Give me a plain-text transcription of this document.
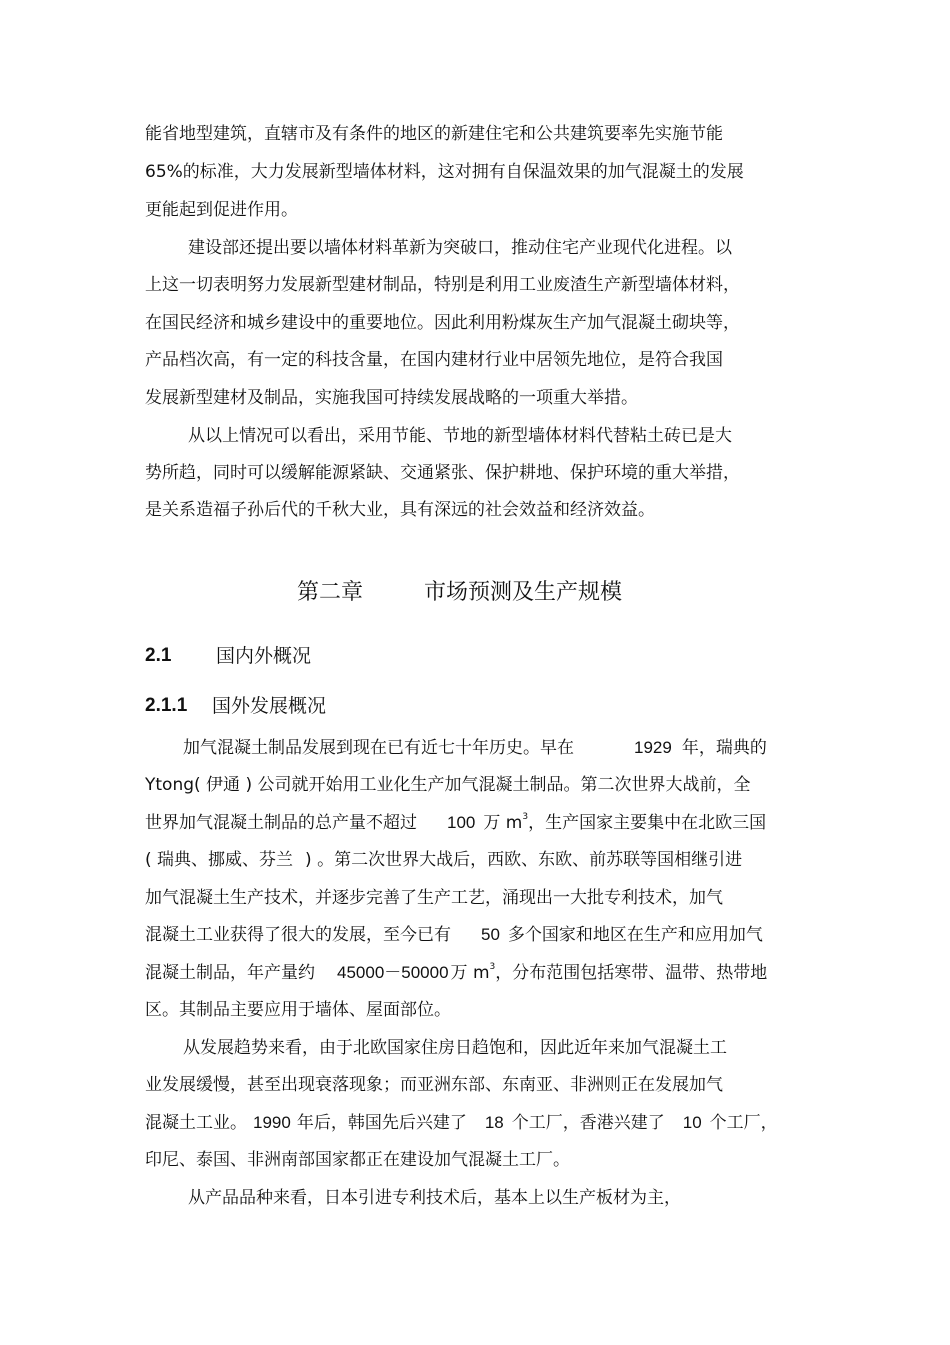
能省地型建筑，直辖市及有条件的地区的新建住宅和公共建筑要率先实施节能
65%的标准，大力发展新型墙体材料，这对拥有自保温效果的加气混凝土的发展
更能起到促进作用。
建设部还提出要以墙体材料革新为突破口，推动住宅产业现代化进程。以
上这一切表明努力发展新型建材制品，特别是利用工业废渣生产新型墙体材料，
在国民经济和城乡建设中的重要地位。因此利用粉煤灰生产加气混凝土砌块等，
产品档次高，有一定的科技含量，在国内建材行业中居领先地位，是符合我国
发展新型建材及制品，实施我国可持续发展战略的一项重大举措。
从以上情况可以看出，采用节能、节地的新型墙体材料代替粘土砖已是大
势所趋，同时可以缓解能源紧缺、交通紧张、保护耕地、保护环境的重大举措，
是关系造福子孙后代的千秋大业，具有深远的社会效益和经济效益。
第二章	市场预测及生产规模
2.1 国内外概况
2.1.1 国外发展概况
加气混凝土制品发展到现在已有近七十年历史。早在	1929 年，瑞典的
Ytong( 伊通 ) 公司就开始用工业化生产加气混凝土制品。第二次世界大战前，全
世界加气混凝土制品的总产量不超过 100 万 $m^3$，生产国家主要集中在北欧三国
( 瑞典、挪威、芬兰 ) 。第二次世界大战后，西欧、东欧、前苏联等国相继引进
加气混凝土生产技术，并逐步完善了生产工艺，涌现出一大批专利技术，加气
混凝土工业获得了很大的发展，至今已有 50 多个国家和地区在生产和应用加气
混凝土制品，年产量约 45000－50000 万 $m^3$，分布范围包括寒带、温带、热带地
区。其制品主要应用于墙体、屋面部位。
从发展趋势来看，由于北欧国家住房日趋饱和，因此近年来加气混凝土工
业发展缓慢，甚至出现衰落现象；而亚洲东部、东南亚、非洲则正在发展加气
混凝土工业。 1990 年后，韩国先后兴建了 18 个工厂，香港兴建了 10 个工厂，
印尼、泰国、非洲南部国家都正在建设加气混凝土工厂。
从产品品种来看，日本引进专利技术后，基本上以生产板材为主，
